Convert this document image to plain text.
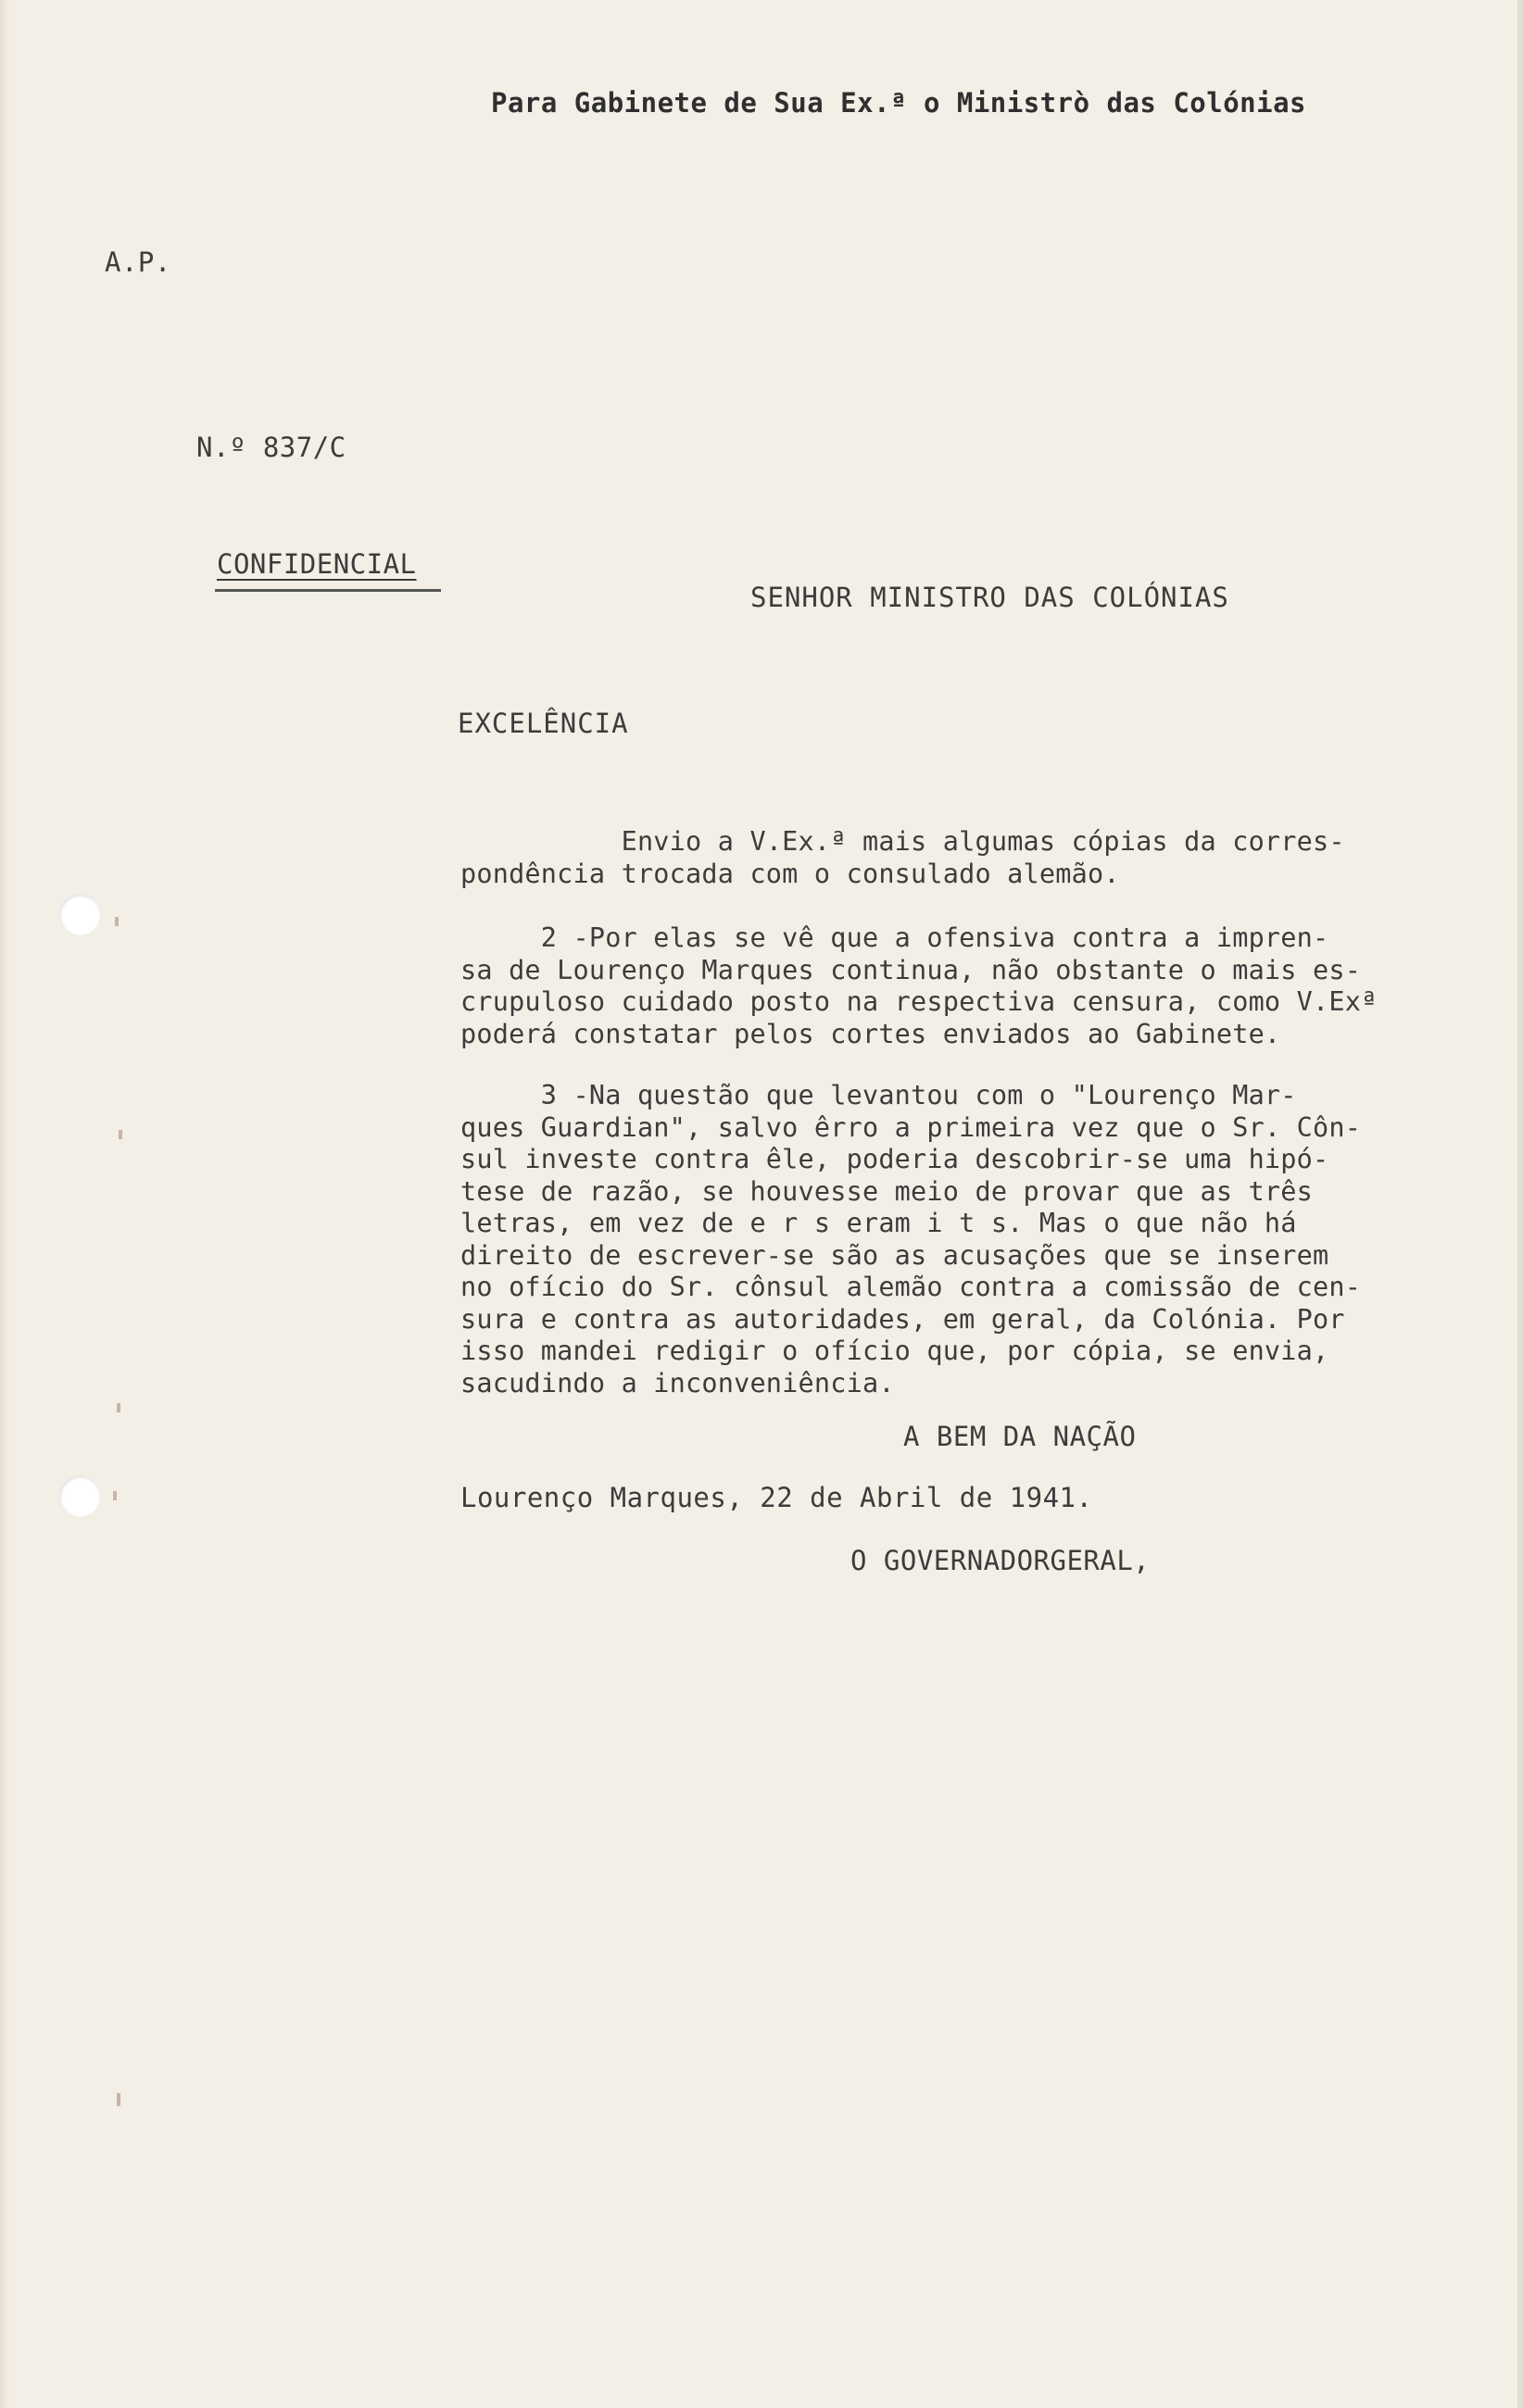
Para Gabinete de Sua Ex.ª o Ministrò das Colónias
A.P.
N.º 837/C
CONFIDENCIAL
SENHOR MINISTRO DAS COLÓNIAS
EXCELÊNCIA
Envio a V.Ex.ª mais algumas cópias da corres-
pondência trocada com o consulado alemão.
2 -Por elas se vê que a ofensiva contra a impren-
sa de Lourenço Marques continua, não obstante o mais es-
crupuloso cuidado posto na respectiva censura, como V.Exª
poderá constatar pelos cortes enviados ao Gabinete.
3 -Na questão que levantou com o "Lourenço Mar-
ques Guardian", salvo êrro a primeira vez que o Sr. Côn-
sul investe contra êle, poderia descobrir-se uma hipó-
tese de razão, se houvesse meio de provar que as três
letras, em vez de e r s eram i t s. Mas o que não há
direito de escrever-se são as acusações que se inserem
no ofício do Sr. cônsul alemão contra a comissão de cen-
sura e contra as autoridades, em geral, da Colónia. Por
isso mandei redigir o ofício que, por cópia, se envia,
sacudindo a inconveniência.
A BEM DA NAÇÃO
Lourenço Marques, 22 de Abril de 1941.
O GOVERNADORGERAL,
